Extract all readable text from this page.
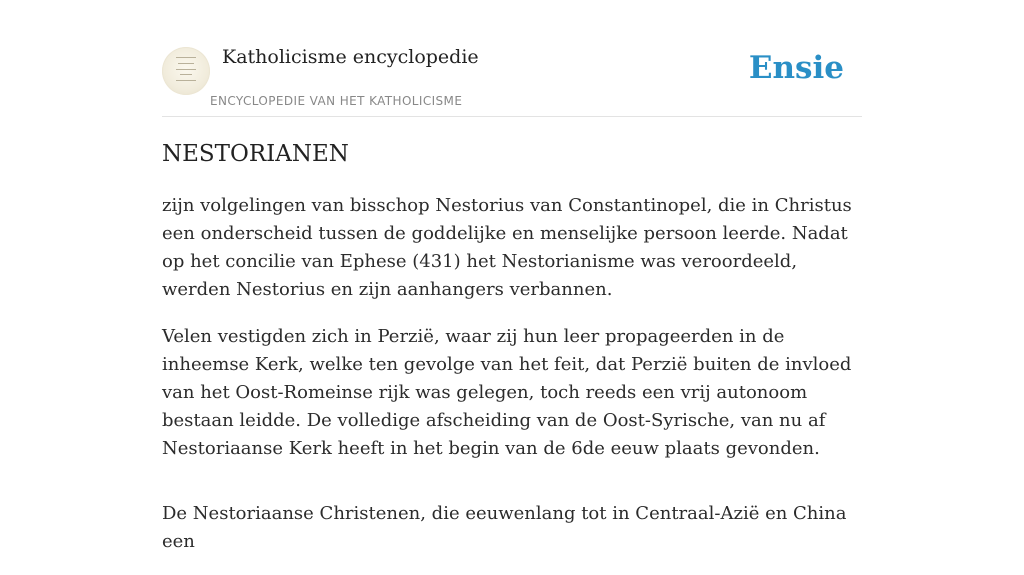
Katholicisme encyclopedie
ENCYCLOPEDIE VAN HET KATHOLICISME
Ensie
NESTORIANEN

zijn volgelingen van bisschop Nestorius van Constantinopel, die in Christus een onderscheid tussen de goddelijke en menselijke persoon leerde. Nadat op het concilie van Ephese (431) het Nestorianisme was veroordeeld, werden Nestorius en zijn aanhangers verbannen.

Velen vestigden zich in Perzië, waar zij hun leer propageerden in de inheemse Kerk, welke ten gevolge van het feit, dat Perzië buiten de invloed van het Oost-Romeinse rijk was gelegen, toch reeds een vrij autonoom bestaan leidde. De volledige afscheiding van de Oost-Syrische, van nu af Nestoriaanse Kerk heeft in het begin van de 6de eeuw plaats gevonden.

De Nestoriaanse Christenen, die eeuwenlang tot in Centraal-Azië en China een
